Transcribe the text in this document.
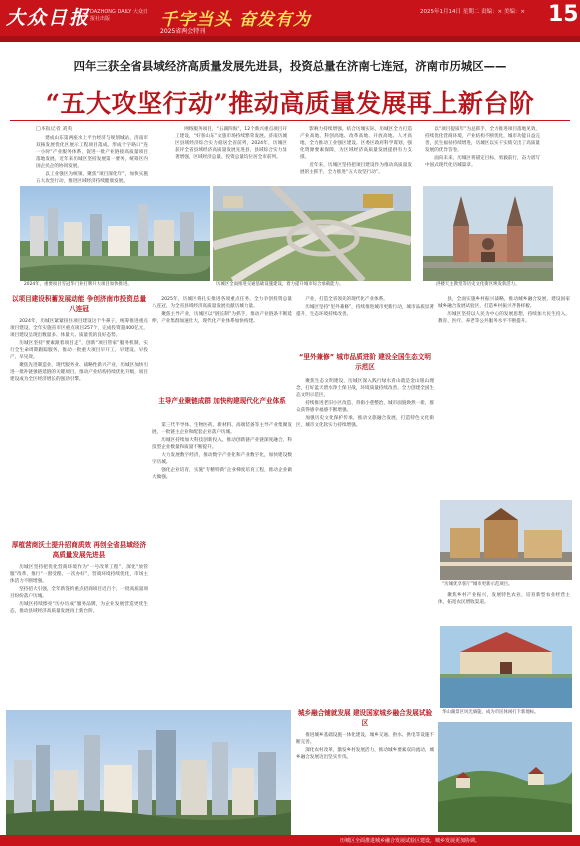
大众日报 DAZHONG DAILY 大众日报社出版	千字当头 奋发有为
2025省两会特刊
2025年1月14日 星期二 责编：× 美编：×	15
四年三获全省县域经济高质量发展先进县，投资总量在济南七连冠，济南市历城区——
“五大攻坚行动”推动高质量发展再上新台阶
□本报记者 刘英

建成山东第两座水上平台经济与规划城站，济南市双核发展优化区展示工程项目落成。形成十字路口“连一小时”产业服务体系，促进一批产业链接高质量项目落地发展。近年来历城区坚持发展第一要务，统筹区内国企民企的协同发展。

以工业强区为统领，聚焦“项目深化年”，加快实施五大攻坚行动，推进区域经济持续健康发展。

网络服务项目，“五湖四海”，12个新兴重点项目开工建设，“好客山东”文旅市场持续繁荣发展。济南历城区县域经济综合实力稳居全省前列，2024年，历城区获评全省县域经济高质量发展先进县，县域综合实力显著增强，区域经济总量、投资总量均位居全市前列。

影响力持续增强。结合历城实际，历城区全力打造产业高地、科创高地、改革高地、开放高地、人才高地，全力推动工业强区建设。区委区政府科学谋划，强化资源要素保障，为区域经济高质量发展提供有力支撑。

近年来，历城区坚持把项目建设作为推动高质量发展的主抓手，全力推进“五大攻坚行动”。

以“项目提质年”为总抓手，全力推进项目落地见效，持续优化营商环境，产业结构不断优化，城市功能日益完善，民生福祉持续增进，历城区以实干实绩交出了高质量发展的优异答卷。

面向未来，历城区将锚定目标、勇毅前行，奋力谱写中国式现代化历城篇章。

2024年，重要项目雪冠华门业打牌开大项目加快推进。	历城区全面推进交通基础设施建设，着力提升城市综合承载能力。	洪楼天主教堂等历史文化街区焕发新活力。
以项目建设积蓄发展动能 争创济南市投资总量八连冠

2024年，历城区紧紧扭住项目建设这个牛鼻子，统筹推进重点项目建设，全年实施省市区重点项目257个，完成投资超400亿元，项目建设呈现出数量多、体量大、质量优的良好态势。

历城区坚持“要素跟着项目走”，创新“项目管家”服务机制，实行全生命周期跟踪服务，推动一批重大项目早开工、早建设、早投产、早见效。

聚焦先进制造业、现代服务业、战略性新兴产业，历城区加快引进一批补链强链延链的关键项目，推动产业结构持续优化升级，项目建设成为全区经济增长的强劲引擎。

厚植营商沃土提升招商质效 再创全省县域经济高质量发展先进县

历城区坚持把优化营商环境作为“一号改革工程”，深化“放管服”改革，推行“一窗受理、一次办好”，营商环境持续优化，市场主体活力不断增强。

坚持招大引强，全年新签约重点招商项目近百个，一批高质量项目纷纷落户历城。

历城区持续擦亮“历办历成”服务品牌，为企业发展营造更优生态，推动县域经济高质量发展再上新台阶。

2025年，历城区将扎实推进各项重点任务，全力争创投资总量八连冠，为全省县域经济高质量发展贡献历城力量。

聚焦主导产业，历城区以“链长制”为抓手，推动产业链条不断延伸，产业集群加速壮大，现代化产业体系加快构建。

主导产业聚链成群 加快构建现代化产业体系

第三代半导体、生物医药、新材料、高端装备等主导产业集聚发展，一批链主企业和配套企业落户历城。

历城区持续加大科技创新投入，推动创新链产业链深度融合，科技型企业数量和质量不断提升。

大力发展数字经济，推动数字产业化和产业数字化，加快建设数字历城。

强化企业培育，实施“专精特新”企业梯度培育工程，推动企业做大做强。

产业，打造全省领先的现代化产业体系。

历城区坚持“里外兼修”，持续推进城市更新行动，城市品质显著提升，生态环境持续改善。

“里外兼修” 城市品质进阶 建设全国生态文明示范区

聚焦生态文明建设，历城区深入践行绿水青山就是金山银山理念，打好蓝天碧水净土保卫战，环境质量持续改善，全力创建全国生态文明示范区。

持续推进老旧小区改造、背街小巷整治，城市面貌焕然一新，群众获得感幸福感不断增强。

加强历史文化保护传承，推动文旅融合发展，打造特色文化街区，城市文化软实力持续增强。

县，全面实施乡村振兴战略，推动城乡融合发展，建设国家城乡融合发展试验区，打造乡村振兴齐鲁样板。

历城区坚持以人民为中心的发展思想，持续加大民生投入，教育、医疗、养老等公共服务水平不断提升。

“历城优享客厅”城市更新示范项目。
城乡融合铺就发展 建设国家城乡融合发展试验区

聚焦乡村产业振兴，发展特色农业，培育新型农业经营主体，拓宽农民增收渠道。

华山湖景区风光旖旎，成为市民休闲打卡新地标。

推进城乡基础设施一体化建设，城乡交通、供水、供电等设施不断完善。

深化农村改革，激发乡村发展活力，推动城乡要素双向流动，城乡融合发展迈出坚实步伐。

历城区全面推进城乡融合发展试验区建设，城乡发展更加协调。
